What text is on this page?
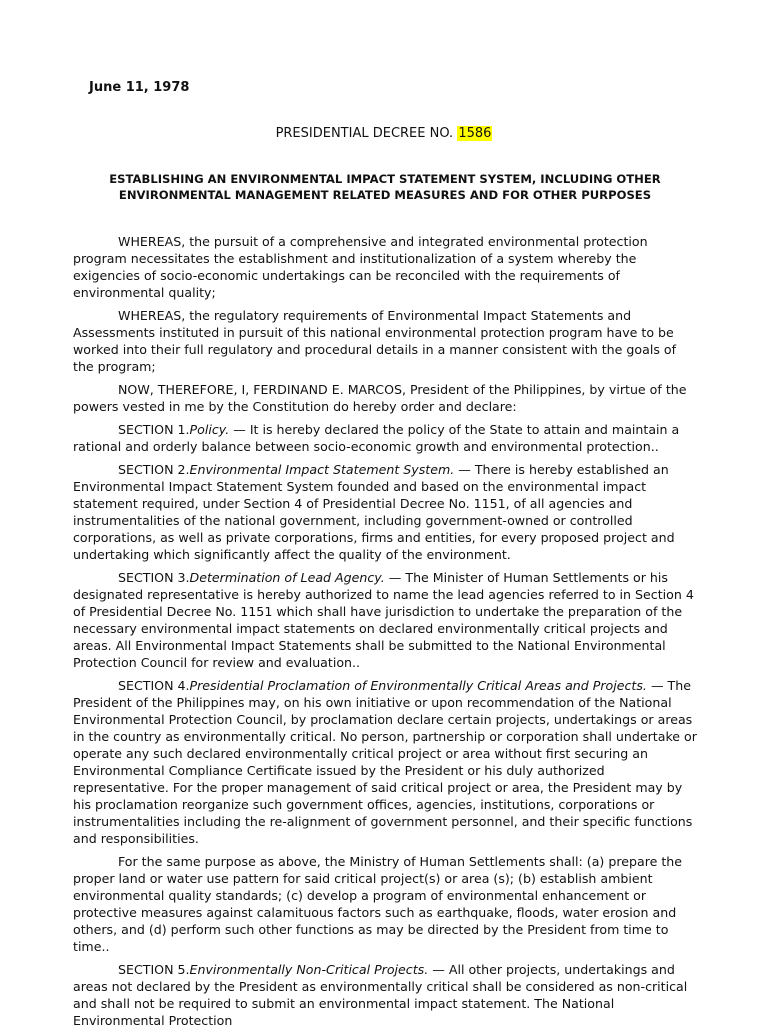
June 11, 1978
PRESIDENTIAL DECREE NO. 1586
ESTABLISHING AN ENVIRONMENTAL IMPACT STATEMENT SYSTEM, INCLUDING OTHER
ENVIRONMENTAL MANAGEMENT RELATED MEASURES AND FOR OTHER PURPOSES

WHEREAS, the pursuit of a comprehensive and integrated environmental protection program necessitates the establishment and institutionalization of a system whereby the exigencies of socio-economic undertakings can be reconciled with the requirements of environmental quality;

WHEREAS, the regulatory requirements of Environmental Impact Statements and Assessments instituted in pursuit of this national environmental protection program have to be worked into their full regulatory and procedural details in a manner consistent with the goals of the program;

NOW, THEREFORE, I, FERDINAND E. MARCOS, President of the Philippines, by virtue of the powers vested in me by the Constitution do hereby order and declare:

SECTION 1.Policy. — It is hereby declared the policy of the State to attain and maintain a rational and orderly balance between socio-economic growth and environmental protection..

SECTION 2.Environmental Impact Statement System. — There is hereby established an Environmental Impact Statement System founded and based on the environmental impact statement required, under Section 4 of Presidential Decree No. 1151, of all agencies and instrumentalities of the national government, including government-owned or controlled corporations, as well as private corporations, firms and entities, for every proposed project and undertaking which significantly affect the quality of the environment.

SECTION 3.Determination of Lead Agency. — The Minister of Human Settlements or his designated representative is hereby authorized to name the lead agencies referred to in Section 4 of Presidential Decree No. 1151 which shall have jurisdiction to undertake the preparation of the necessary environmental impact statements on declared environmentally critical projects and areas. All Environmental Impact Statements shall be submitted to the National Environmental Protection Council for review and evaluation..

SECTION 4.Presidential Proclamation of Environmentally Critical Areas and Projects. — The President of the Philippines may, on his own initiative or upon recommendation of the National Environmental Protection Council, by proclamation declare certain projects, undertakings or areas in the country as environmentally critical. No person, partnership or corporation shall undertake or operate any such declared environmentally critical project or area without first securing an Environmental Compliance Certificate issued by the President or his duly authorized representative. For the proper management of said critical project or area, the President may by his proclamation reorganize such government offices, agencies, institutions, corporations or instrumentalities including the re-alignment of government personnel, and their specific functions and responsibilities.

For the same purpose as above, the Ministry of Human Settlements shall: (a) prepare the proper land or water use pattern for said critical project(s) or area (s); (b) establish ambient environmental quality standards; (c) develop a program of environmental enhancement or protective measures against calamituous factors such as earthquake, floods, water erosion and others, and (d) perform such other functions as may be directed by the President from time to time..

SECTION 5.Environmentally Non-Critical Projects. — All other projects, undertakings and areas not declared by the President as environmentally critical shall be considered as non-critical and shall not be required to submit an environmental impact statement. The National Environmental Protection
